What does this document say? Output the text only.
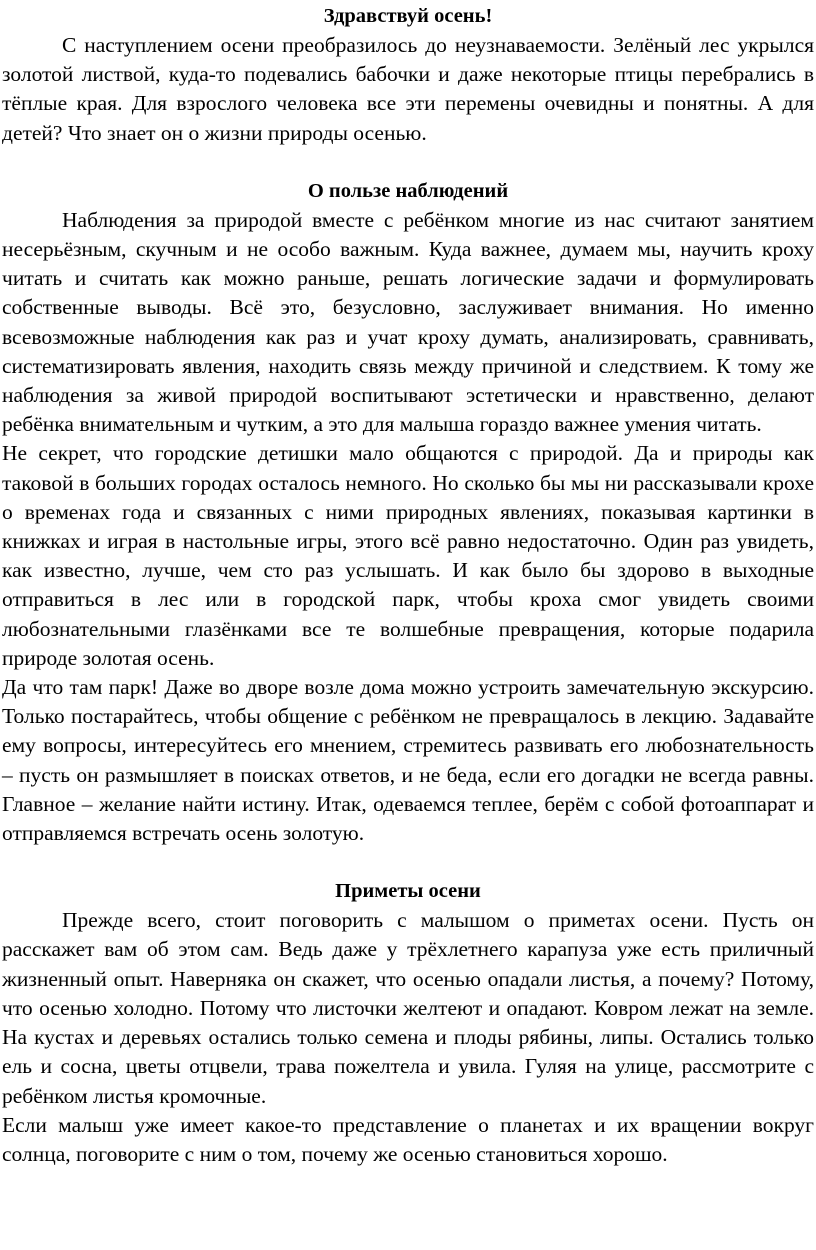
Здравствуй осень!

С наступлением осени преобразилось до неузнаваемости. Зелёный лес укрылся золотой листвой, куда-то подевались бабочки и даже некоторые птицы перебрались в тёплые края. Для взрослого человека все эти перемены очевидны и понятны. А для детей? Что знает он о жизни природы осенью.

О пользе наблюдений

Наблюдения за природой вместе с ребёнком многие из нас считают занятием несерьёзным, скучным и не особо важным. Куда важнее, думаем мы, научить кроху читать и считать как можно раньше, решать логические задачи и формулировать собственные выводы. Всё это, безусловно, заслуживает внимания. Но именно всевозможные наблюдения как раз и учат кроху думать, анализировать, сравнивать, систематизировать явления, находить связь между причиной и следствием. К тому же наблюдения за живой природой воспитывают эстетически и нравственно, делают ребёнка внимательным и чутким, а это для малыша гораздо важнее умения читать.

Не секрет, что городские детишки мало общаются с природой. Да и природы как таковой в больших городах осталось немного. Но сколько бы мы ни рассказывали крохе о временах года и связанных с ними природных явлениях, показывая картинки в книжках и играя в настольные игры, этого всё равно недостаточно. Один раз увидеть, как известно, лучше, чем сто раз услышать. И как было бы здорово в выходные отправиться в лес или в городской парк, чтобы кроха смог увидеть своими любознательными глазёнками все те волшебные превращения, которые подарила природе золотая осень.

Да что там парк! Даже во дворе возле дома можно устроить замечательную экскурсию. Только постарайтесь, чтобы общение с ребёнком не превращалось в лекцию. Задавайте ему вопросы, интересуйтесь его мнением, стремитесь развивать его любознательность – пусть он размышляет в поисках ответов, и не беда, если его догадки не всегда равны. Главное – желание найти истину. Итак, одеваемся теплее, берём с собой фотоаппарат и отправляемся встречать осень золотую.

Приметы осени

Прежде всего, стоит поговорить с малышом о приметах осени. Пусть он расскажет вам об этом сам. Ведь даже у трёхлетнего карапуза уже есть приличный жизненный опыт. Наверняка он скажет, что осенью опадали листья, а почему? Потому, что осенью холодно. Потому что листочки желтеют и опадают. Ковром лежат на земле. На кустах и деревьях остались только семена и плоды рябины, липы. Остались только ель и сосна, цветы отцвели, трава пожелтела и увила. Гуляя на улице, рассмотрите с ребёнком листья кромочные.

Если малыш уже имеет какое-то представление о планетах и их вращении вокруг солнца, поговорите с ним о том, почему же осенью становиться хорошо.
